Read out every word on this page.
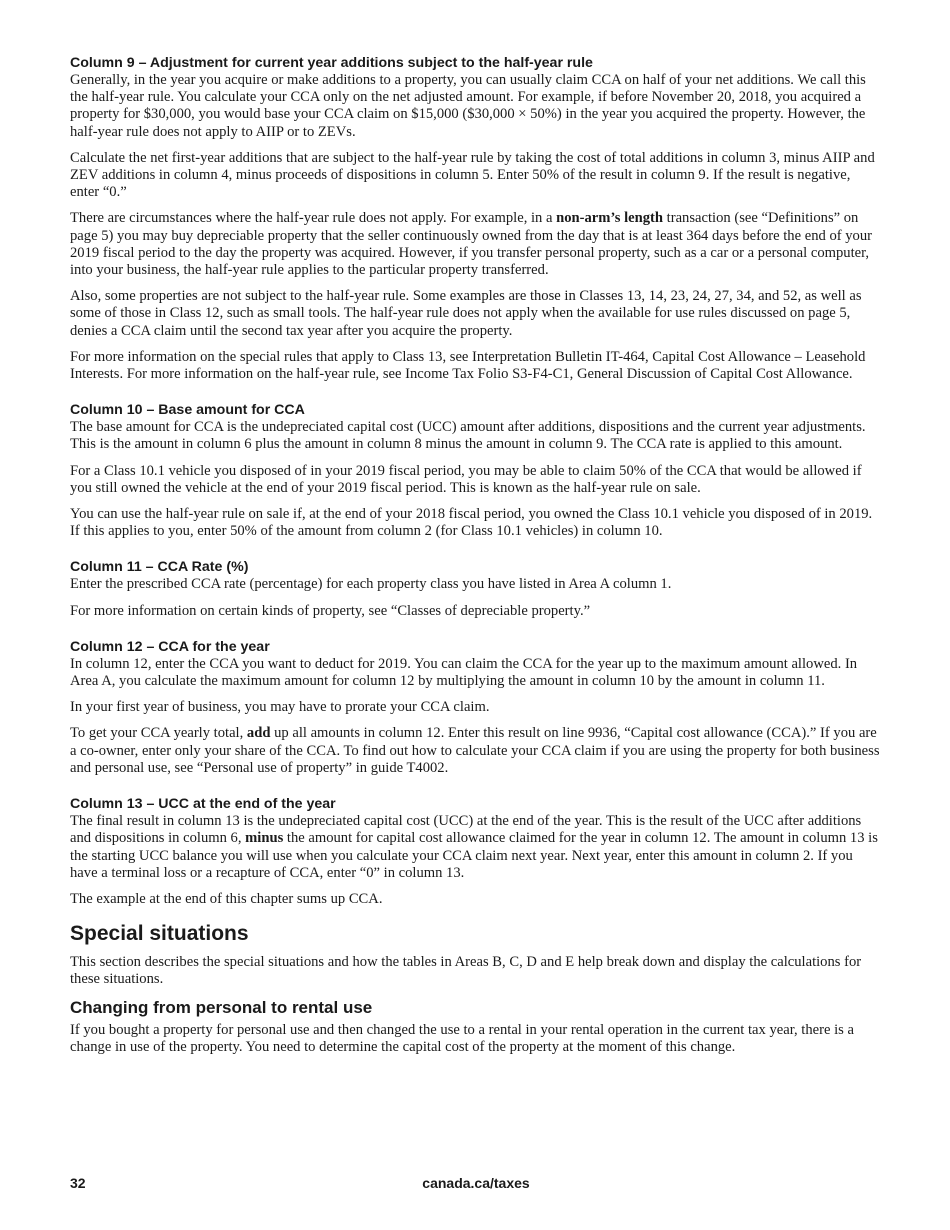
Column 9 – Adjustment for current year additions subject to the half-year rule

Generally, in the year you acquire or make additions to a property, you can usually claim CCA on half of your net additions. We call this the half-year rule. You calculate your CCA only on the net adjusted amount. For example, if before November 20, 2018, you acquired a property for $30,000, you would base your CCA claim on $15,000 ($30,000 × 50%) in the year you acquired the property. However, the half-year rule does not apply to AIIP or to ZEVs.

Calculate the net first-year additions that are subject to the half-year rule by taking the cost of total additions in column 3, minus AIIP and ZEV additions in column 4, minus proceeds of dispositions in column 5. Enter 50% of the result in column 9. If the result is negative, enter “0.”

There are circumstances where the half-year rule does not apply. For example, in a non-arm’s length transaction (see “Definitions” on page 5) you may buy depreciable property that the seller continuously owned from the day that is at least 364 days before the end of your 2019 fiscal period to the day the property was acquired. However, if you transfer personal property, such as a car or a personal computer, into your business, the half-year rule applies to the particular property transferred.

Also, some properties are not subject to the half-year rule. Some examples are those in Classes 13, 14, 23, 24, 27, 34, and 52, as well as some of those in Class 12, such as small tools. The half-year rule does not apply when the available for use rules discussed on page 5, denies a CCA claim until the second tax year after you acquire the property.

For more information on the special rules that apply to Class 13, see Interpretation Bulletin IT-464, Capital Cost Allowance – Leasehold Interests. For more information on the half-year rule, see Income Tax Folio S3-F4-C1, General Discussion of Capital Cost Allowance.

Column 10 – Base amount for CCA

The base amount for CCA is the undepreciated capital cost (UCC) amount after additions, dispositions and the current year adjustments. This is the amount in column 6 plus the amount in column 8 minus the amount in column 9. The CCA rate is applied to this amount.

For a Class 10.1 vehicle you disposed of in your 2019 fiscal period, you may be able to claim 50% of the CCA that would be allowed if you still owned the vehicle at the end of your 2019 fiscal period. This is known as the half-year rule on sale.

You can use the half-year rule on sale if, at the end of your 2018 fiscal period, you owned the Class 10.1 vehicle you disposed of in 2019. If this applies to you, enter 50% of the amount from column 2 (for Class 10.1 vehicles) in column 10.

Column 11 – CCA Rate (%)

Enter the prescribed CCA rate (percentage) for each property class you have listed in Area A column 1.

For more information on certain kinds of property, see “Classes of depreciable property.”

Column 12 – CCA for the year

In column 12, enter the CCA you want to deduct for 2019. You can claim the CCA for the year up to the maximum amount allowed. In Area A, you calculate the maximum amount for column 12 by multiplying the amount in column 10 by the amount in column 11.

In your first year of business, you may have to prorate your CCA claim.

To get your CCA yearly total, add up all amounts in column 12. Enter this result on line 9936, “Capital cost allowance (CCA).” If you are a co-owner, enter only your share of the CCA. To find out how to calculate your CCA claim if you are using the property for both business and personal use, see “Personal use of property” in guide T4002.

Column 13 – UCC at the end of the year

The final result in column 13 is the undepreciated capital cost (UCC) at the end of the year. This is the result of the UCC after additions and dispositions in column 6, minus the amount for capital cost allowance claimed for the year in column 12. The amount in column 13 is the starting UCC balance you will use when you calculate your CCA claim next year. Next year, enter this amount in column 2. If you have a terminal loss or a recapture of CCA, enter “0” in column 13.

The example at the end of this chapter sums up CCA.

Special situations

This section describes the special situations and how the tables in Areas B, C, D and E help break down and display the calculations for these situations.

Changing from personal to rental use

If you bought a property for personal use and then changed the use to a rental in your rental operation in the current tax year, there is a change in use of the property. You need to determine the capital cost of the property at the moment of this change.

32	canada.ca/taxes
